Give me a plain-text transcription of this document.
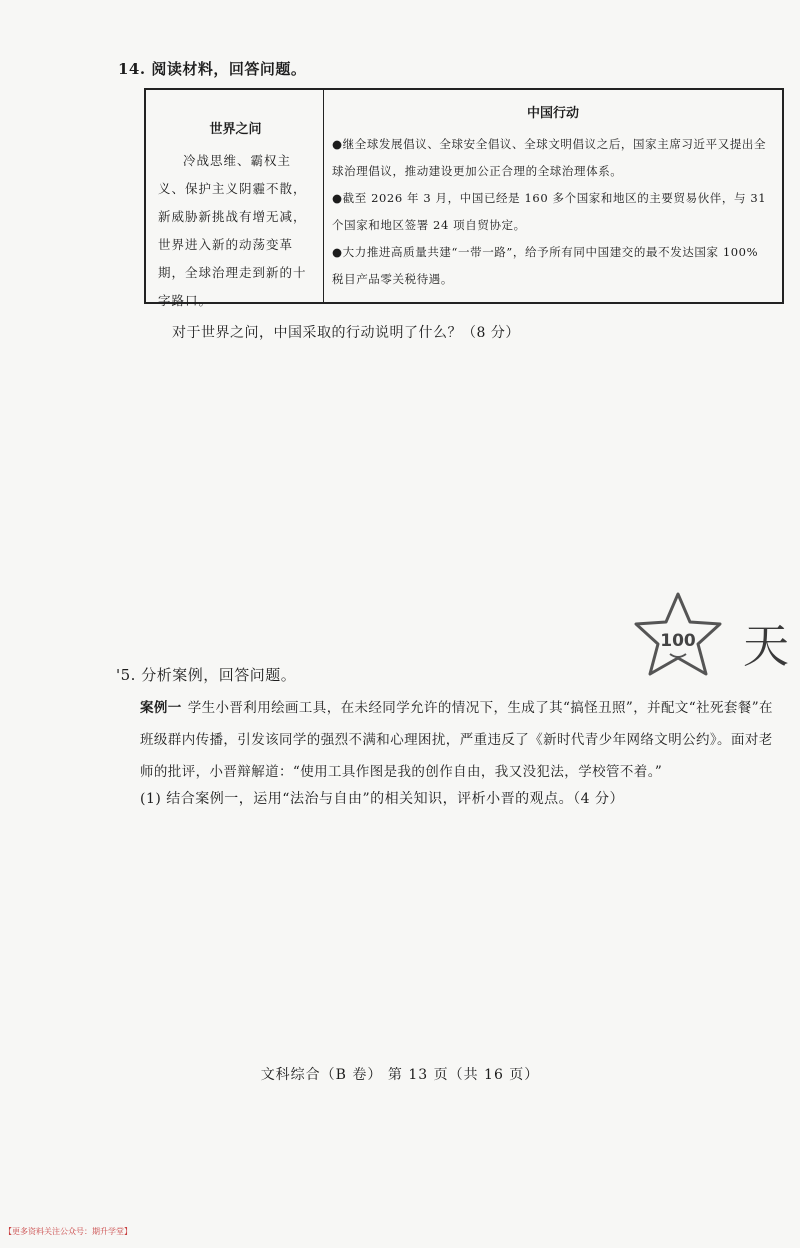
14. 阅读材料，回答问题。
世界之问
冷战思维、霸权主义、保护主义阴霾不散，新威胁新挑战有增无减，世界进入新的动荡变革期，全球治理走到新的十字路口。
中国行动
●继全球发展倡议、全球安全倡议、全球文明倡议之后，国家主席习近平又提出全球治理倡议，推动建设更加公正合理的全球治理体系。
●截至 2026 年 3 月，中国已经是 160 多个国家和地区的主要贸易伙伴，与 31 个国家和地区签署 24 项自贸协定。
●大力推进高质量共建“一带一路”，给予所有同中国建交的最不发达国家 100% 税目产品零关税待遇。
对于世界之问，中国采取的行动说明了什么？（8 分）
100 天
'5. 分析案例，回答问题。
案例一 学生小晋利用绘画工具，在未经同学允许的情况下，生成了其“搞怪丑照”，并配文“社死套餐”在班级群内传播，引发该同学的强烈不满和心理困扰，严重违反了《新时代青少年网络文明公约》。面对老师的批评，小晋辩解道：“使用工具作图是我的创作自由，我又没犯法，学校管不着。”
(1) 结合案例一，运用“法治与自由”的相关知识，评析小晋的观点。（4 分）
文科综合（B 卷） 第 13 页（共 16 页）
【更多资料关注公众号：期升学堂】
